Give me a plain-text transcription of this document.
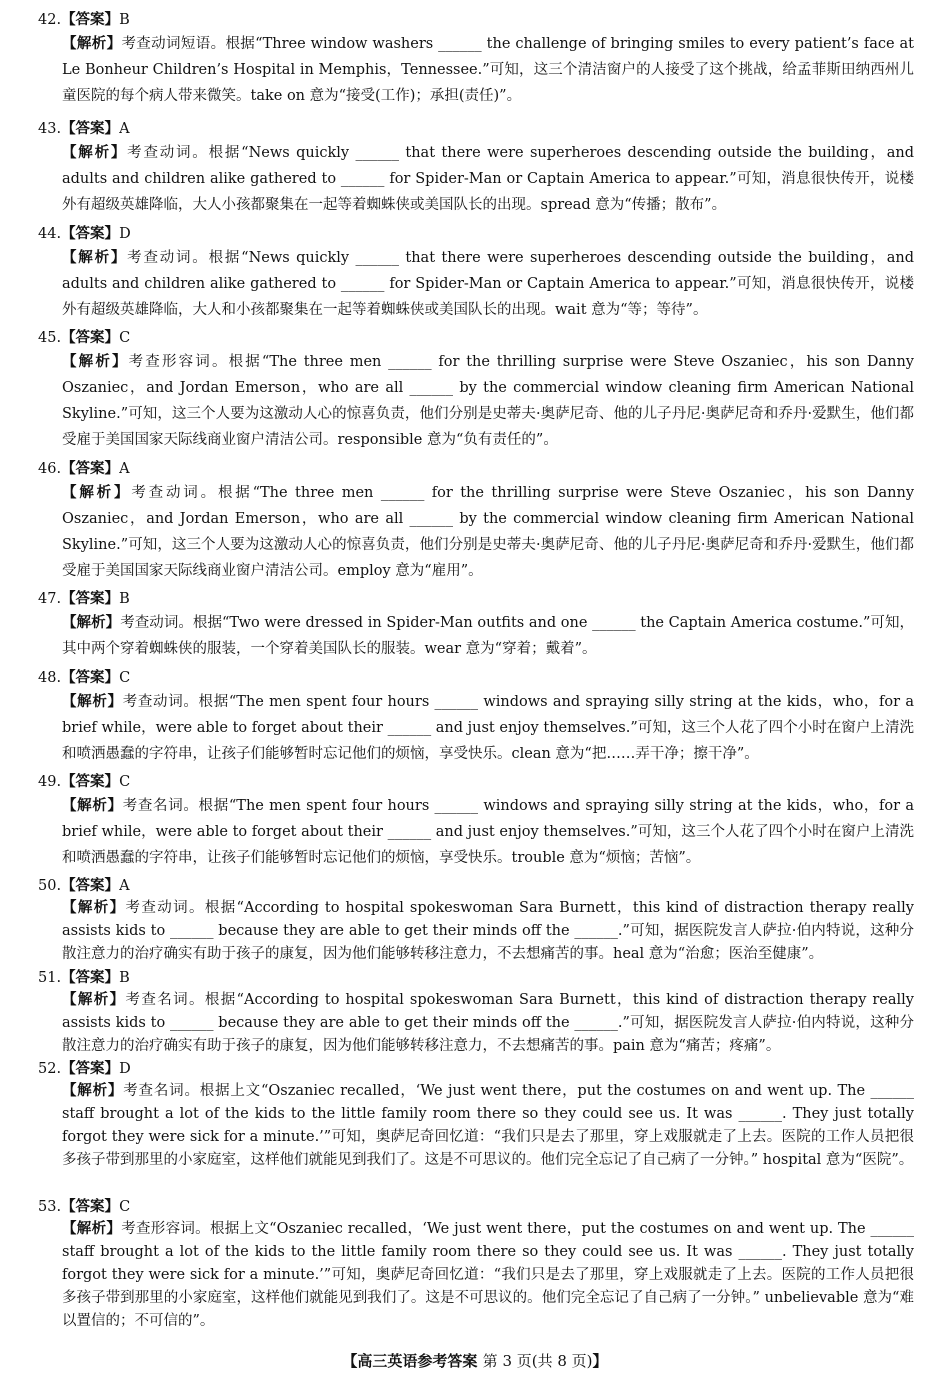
42.【答案】B
【解析】考查动词短语。根据“Three window washers ______ the challenge of bringing smiles to every patient’s face at Le Bonheur Children’s Hospital in Memphis，Tennessee.”可知，这三个清洁窗户的人接受了这个挑战，给孟菲斯田纳西州儿童医院的每个病人带来微笑。take on 意为“接受(工作)；承担(责任)”。
43.【答案】A
【解析】考查动词。根据“News quickly ______ that there were superheroes descending outside the building，and adults and children alike gathered to ______ for Spider-Man or Captain America to appear.”可知，消息很快传开，说楼外有超级英雄降临，大人小孩都聚集在一起等着蜘蛛侠或美国队长的出现。spread 意为“传播；散布”。
44.【答案】D
【解析】考查动词。根据“News quickly ______ that there were superheroes descending outside the building，and adults and children alike gathered to ______ for Spider-Man or Captain America to appear.”可知，消息很快传开，说楼外有超级英雄降临，大人和小孩都聚集在一起等着蜘蛛侠或美国队长的出现。wait 意为“等；等待”。
45.【答案】C
【解析】考查形容词。根据“The three men ______ for the thrilling surprise were Steve Oszaniec，his son Danny Oszaniec，and Jordan Emerson，who are all ______ by the commercial window cleaning firm American National Skyline.”可知，这三个人要为这激动人心的惊喜负责，他们分别是史蒂夫·奥萨尼奇、他的儿子丹尼·奥萨尼奇和乔丹·爱默生，他们都受雇于美国国家天际线商业窗户清洁公司。responsible 意为“负有责任的”。
46.【答案】A
【解析】考查动词。根据“The three men ______ for the thrilling surprise were Steve Oszaniec，his son Danny Oszaniec，and Jordan Emerson，who are all ______ by the commercial window cleaning firm American National Skyline.”可知，这三个人要为这激动人心的惊喜负责，他们分别是史蒂夫·奥萨尼奇、他的儿子丹尼·奥萨尼奇和乔丹·爱默生，他们都受雇于美国国家天际线商业窗户清洁公司。employ 意为“雇用”。
47.【答案】B
【解析】考查动词。根据“Two were dressed in Spider-Man outfits and one ______ the Captain America costume.”可知，其中两个穿着蜘蛛侠的服装，一个穿着美国队长的服装。wear 意为“穿着；戴着”。
48.【答案】C
【解析】考查动词。根据“The men spent four hours ______ windows and spraying silly string at the kids，who，for a brief while，were able to forget about their ______ and just enjoy themselves.”可知，这三个人花了四个小时在窗户上清洗和喷洒愚蠢的字符串，让孩子们能够暂时忘记他们的烦恼，享受快乐。clean 意为“把……弄干净；擦干净”。
49.【答案】C
【解析】考查名词。根据“The men spent four hours ______ windows and spraying silly string at the kids，who，for a brief while，were able to forget about their ______ and just enjoy themselves.”可知，这三个人花了四个小时在窗户上清洗和喷洒愚蠢的字符串，让孩子们能够暂时忘记他们的烦恼，享受快乐。trouble 意为“烦恼；苦恼”。
50.【答案】A
【解析】考查动词。根据“According to hospital spokeswoman Sara Burnett，this kind of distraction therapy really assists kids to ______ because they are able to get their minds off the ______.”可知，据医院发言人萨拉·伯内特说，这种分散注意力的治疗确实有助于孩子的康复，因为他们能够转移注意力，不去想痛苦的事。heal 意为“治愈；医治至健康”。
51.【答案】B
【解析】考查名词。根据“According to hospital spokeswoman Sara Burnett，this kind of distraction therapy really assists kids to ______ because they are able to get their minds off the ______.”可知，据医院发言人萨拉·伯内特说，这种分散注意力的治疗确实有助于孩子的康复，因为他们能够转移注意力，不去想痛苦的事。pain 意为“痛苦；疼痛”。
52.【答案】D
【解析】考查名词。根据上文“Oszaniec recalled，‘We just went there，put the costumes on and went up. The ______ staff brought a lot of the kids to the little family room there so they could see us. It was ______. They just totally forgot they were sick for a minute.’”可知，奥萨尼奇回忆道：“我们只是去了那里，穿上戏服就走了上去。医院的工作人员把很多孩子带到那里的小家庭室，这样他们就能见到我们了。这是不可思议的。他们完全忘记了自己病了一分钟。” hospital 意为“医院”。
53.【答案】C
【解析】考查形容词。根据上文“Oszaniec recalled，‘We just went there，put the costumes on and went up. The ______ staff brought a lot of the kids to the little family room there so they could see us. It was ______. They just totally forgot they were sick for a minute.’”可知，奥萨尼奇回忆道：“我们只是去了那里，穿上戏服就走了上去。医院的工作人员把很多孩子带到那里的小家庭室，这样他们就能见到我们了。这是不可思议的。他们完全忘记了自己病了一分钟。” unbelievable 意为“难以置信的；不可信的”。
【高三英语参考答案 第 3 页(共 8 页)】
